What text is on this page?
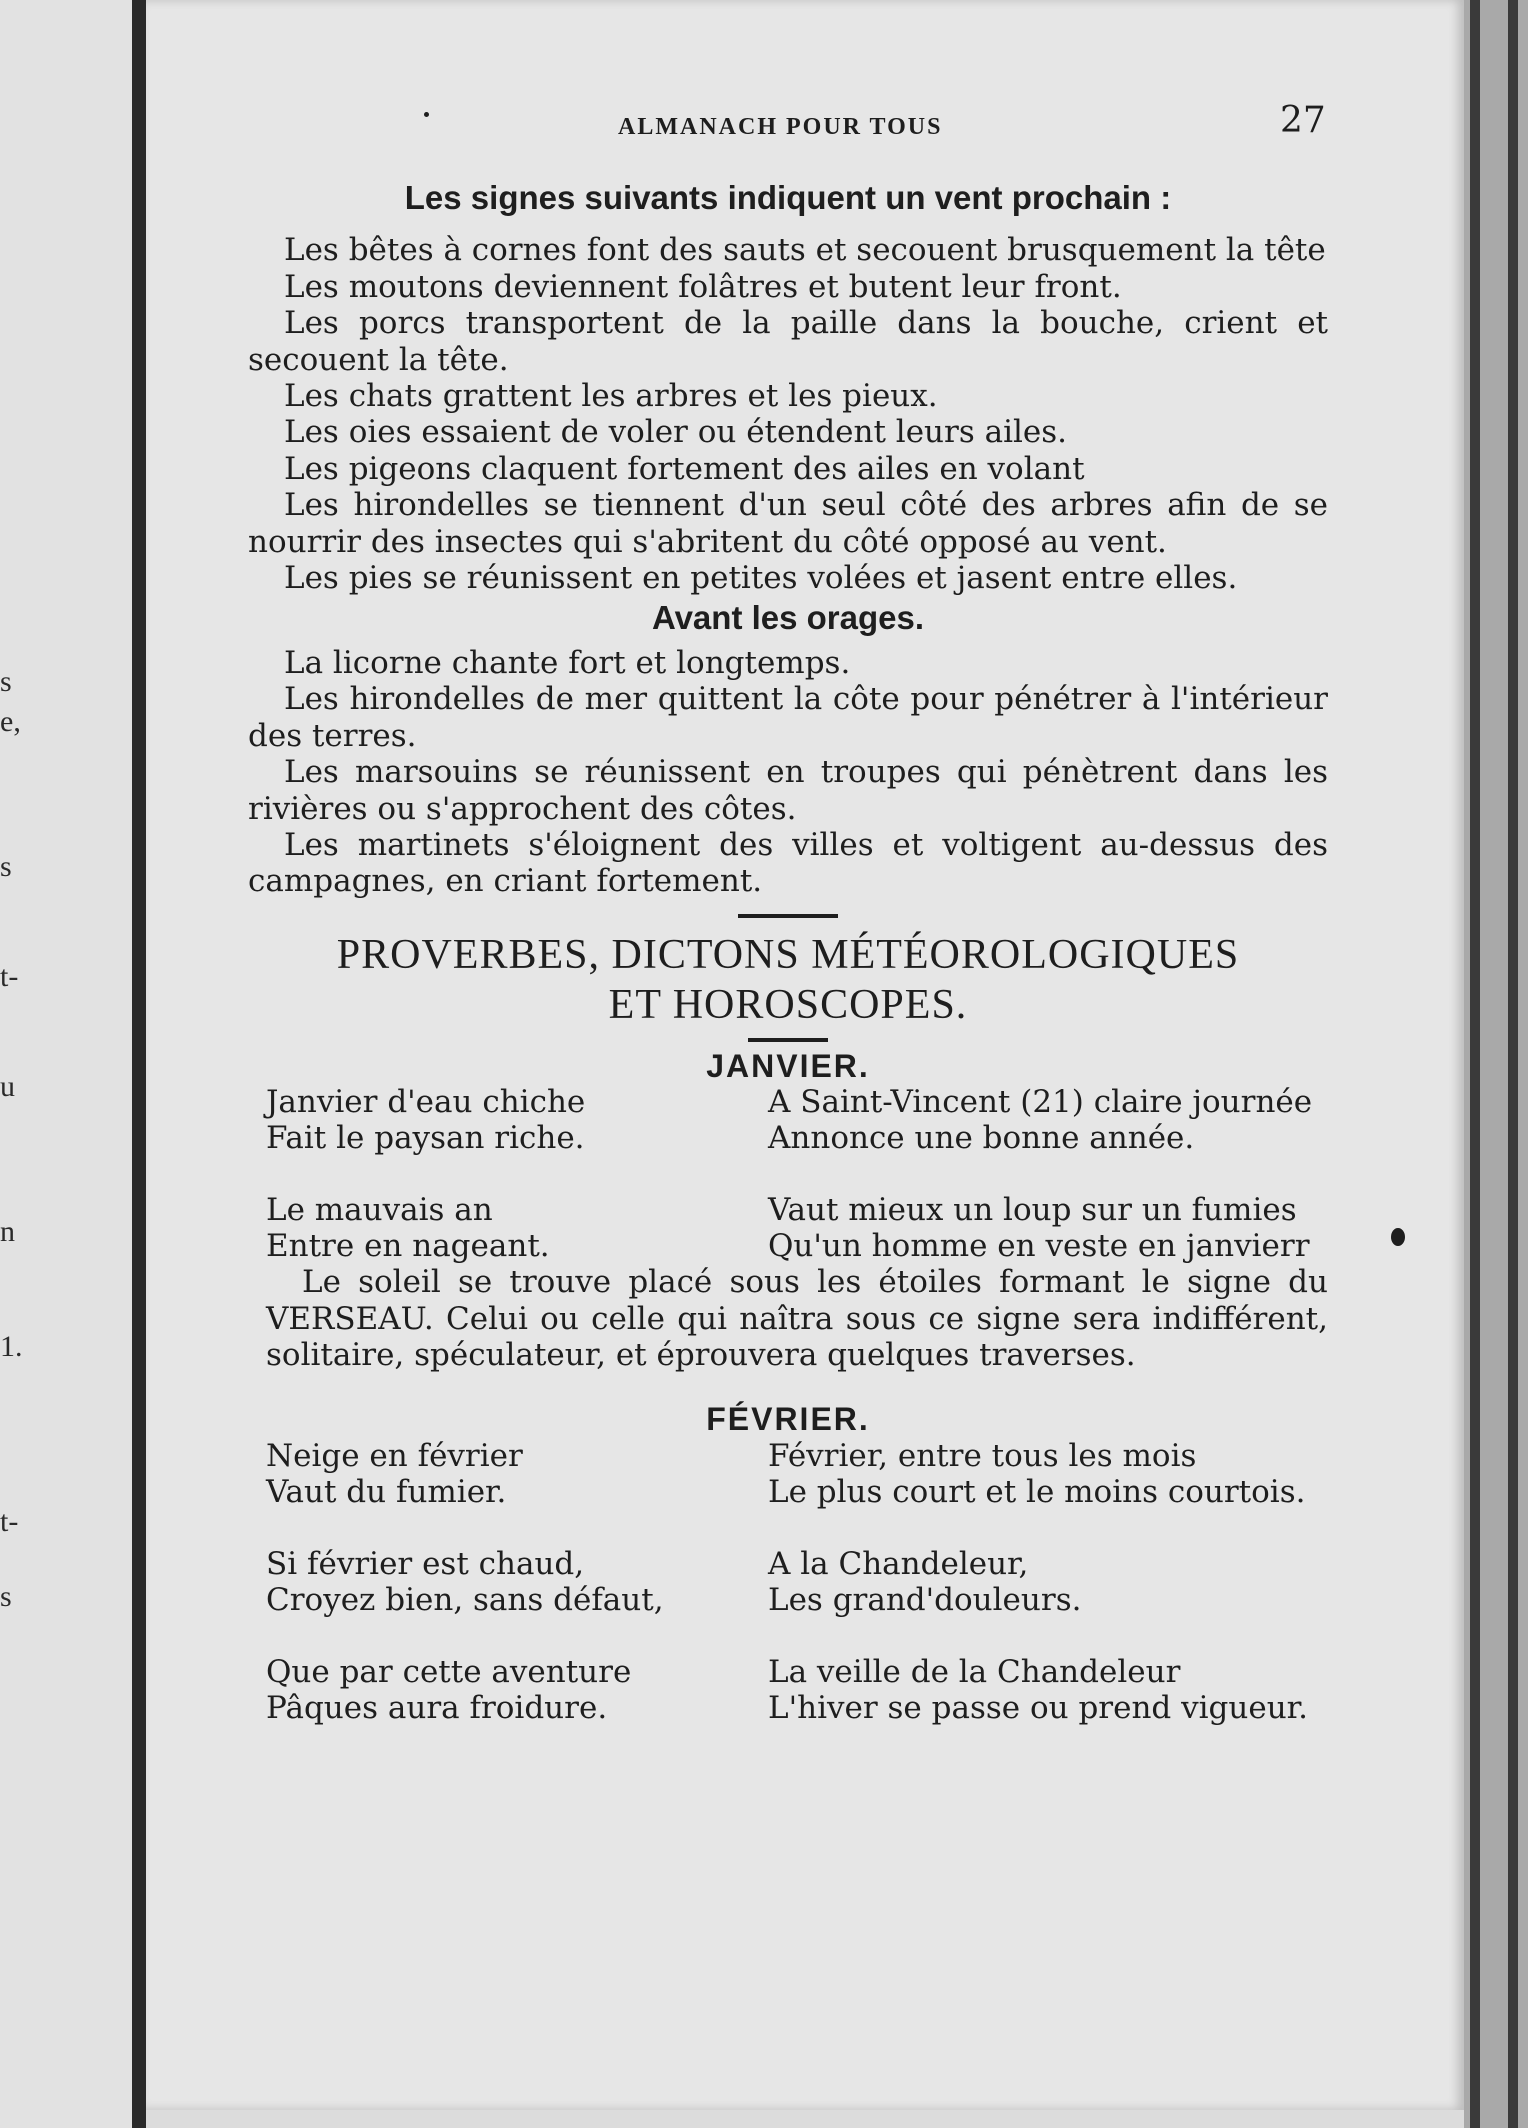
s
e,
s
t-
u
n
1.
t-
s
ALMANACH POUR TOUS	27

Les signes suivants indiquent un vent prochain :

Les bêtes à cornes font des sauts et secouent brusquement la tête

Les moutons deviennent folâtres et butent leur front.

Les porcs transportent de la paille dans la bouche, crient et secouent la tête.

Les chats grattent les arbres et les pieux.

Les oies essaient de voler ou étendent leurs ailes.

Les pigeons claquent fortement des ailes en volant

Les hirondelles se tiennent d'un seul côté des arbres afin de se nourrir des insectes qui s'abritent du côté opposé au vent.

Les pies se réunissent en petites volées et jasent entre elles.

Avant les orages.

La licorne chante fort et longtemps.

Les hirondelles de mer quittent la côte pour pénétrer à l'intérieur des terres.

Les marsouins se réunissent en troupes qui pénètrent dans les rivières ou s'approchent des côtes.

Les martinets s'éloignent des villes et voltigent au-dessus des campagnes, en criant fortement.

PROVERBES, DICTONS MÉTÉOROLOGIQUES

ET HOROSCOPES.

JANVIER.

Janvier d'eau chiche

Fait le paysan riche.

A Saint-Vincent (21) claire journée

Annonce une bonne année.

Le mauvais an

Entre en nageant.

Vaut mieux un loup sur un fumies

Qu'un homme en veste en janvierr

Le soleil se trouve placé sous les étoiles formant le signe du VERSEAU. Celui ou celle qui naîtra sous ce signe sera indifférent, solitaire, spéculateur, et éprouvera quelques traverses.

FÉVRIER.

Neige en février

Vaut du fumier.

Février, entre tous les mois

Le plus court et le moins courtois.

Si février est chaud,

Croyez bien, sans défaut,

A la Chandeleur,

Les grand'douleurs.

Que par cette aventure

Pâques aura froidure.

La veille de la Chandeleur

L'hiver se passe ou prend vigueur.
